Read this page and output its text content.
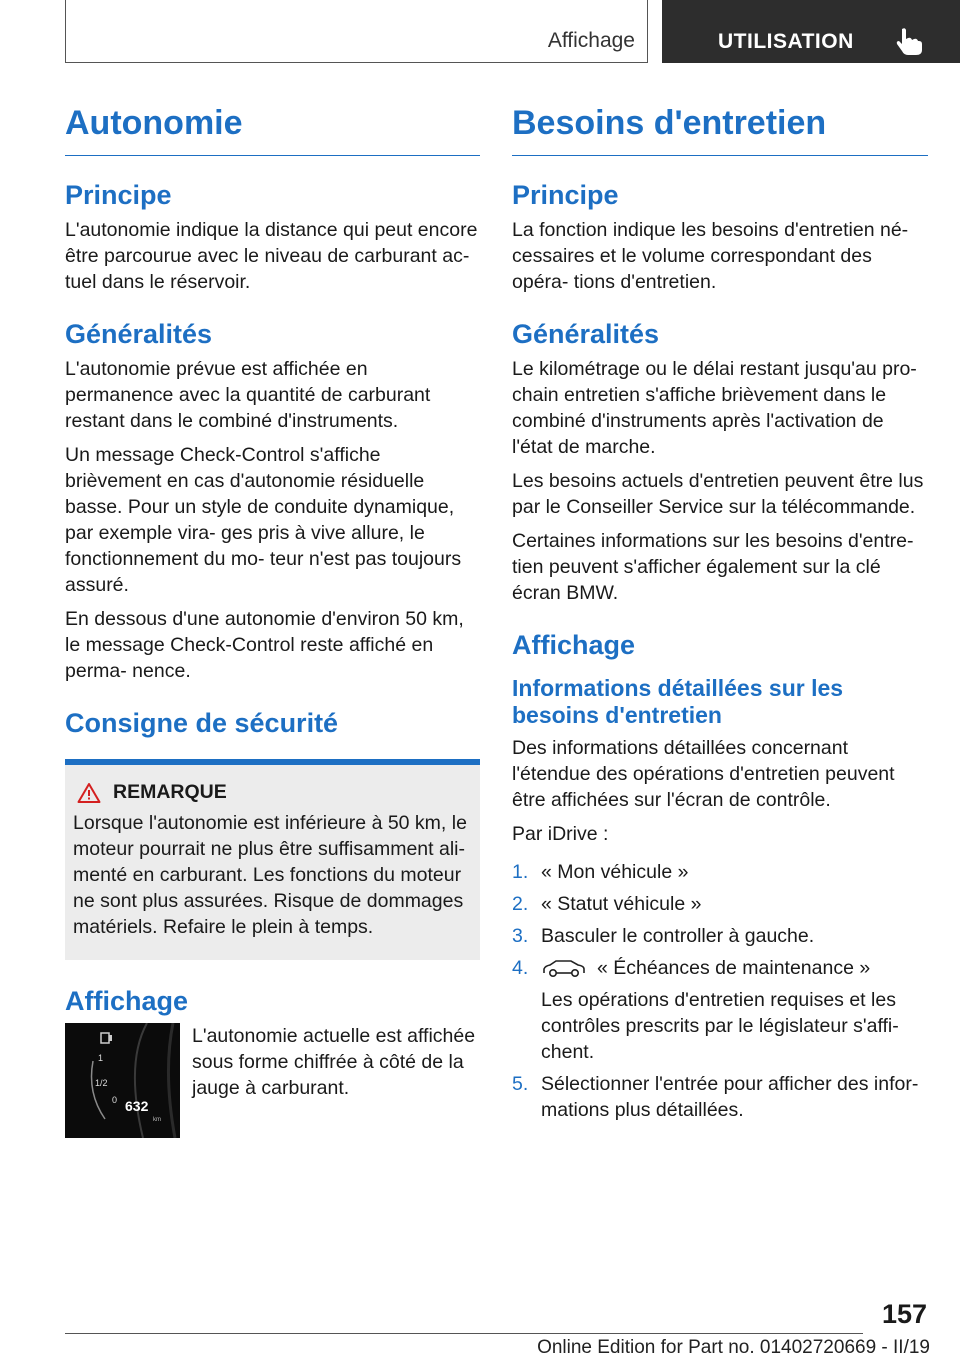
Affichage	UTILISATION
Autonomie
Principe

L'autonomie indique la distance qui peut encore être parcourue avec le niveau de carburant ac‐ tuel dans le réservoir.

Généralités

L'autonomie prévue est affichée en permanence avec la quantité de carburant restant dans le combiné d'instruments.

Un message Check-Control s'affiche brièvement en cas d'autonomie résiduelle basse. Pour un style de conduite dynamique, par exemple vira‐ ges pris à vive allure, le fonctionnement du mo‐ teur n'est pas toujours assuré.

En dessous d'une autonomie d'environ 50 km, le message Check-Control reste affiché en perma‐ nence.

Consigne de sécurité
REMARQUE

Lorsque l'autonomie est inférieure à 50 km, le moteur pourrait ne plus être suffisamment ali‐ menté en carburant. Les fonctions du moteur ne sont plus assurées. Risque de dommages matériels. Refaire le plein à temps.

Affichage
1
1/2
0 632
km

L'autonomie actuelle est affichée sous forme chiffrée à côté de la jauge à carburant.

Besoins d'entretien
Principe

La fonction indique les besoins d'entretien né‐ cessaires et le volume correspondant des opéra‐ tions d'entretien.

Généralités

Le kilométrage ou le délai restant jusqu'au pro‐ chain entretien s'affiche brièvement dans le combiné d'instruments après l'activation de l'état de marche.

Les besoins actuels d'entretien peuvent être lus par le Conseiller Service sur la télécommande.

Certaines informations sur les besoins d'entre‐ tien peuvent s'afficher également sur la clé écran BMW.

Affichage
Informations détaillées sur les besoins d'entretien

Des informations détaillées concernant l'étendue des opérations d'entretien peuvent être affichées sur l'écran de contrôle.

Par iDrive :

1. « Mon véhicule »
2. « Statut véhicule »
3. Basculer le controller à gauche.
4.	« Échéances de maintenance »
Les opérations d'entretien requises et les contrôles prescrits par le législateur s'affi‐ chent.
5. Sélectionner l'entrée pour afficher des infor‐ mations plus détaillées.
157
Online Edition for Part no. 01402720669 - II/19
